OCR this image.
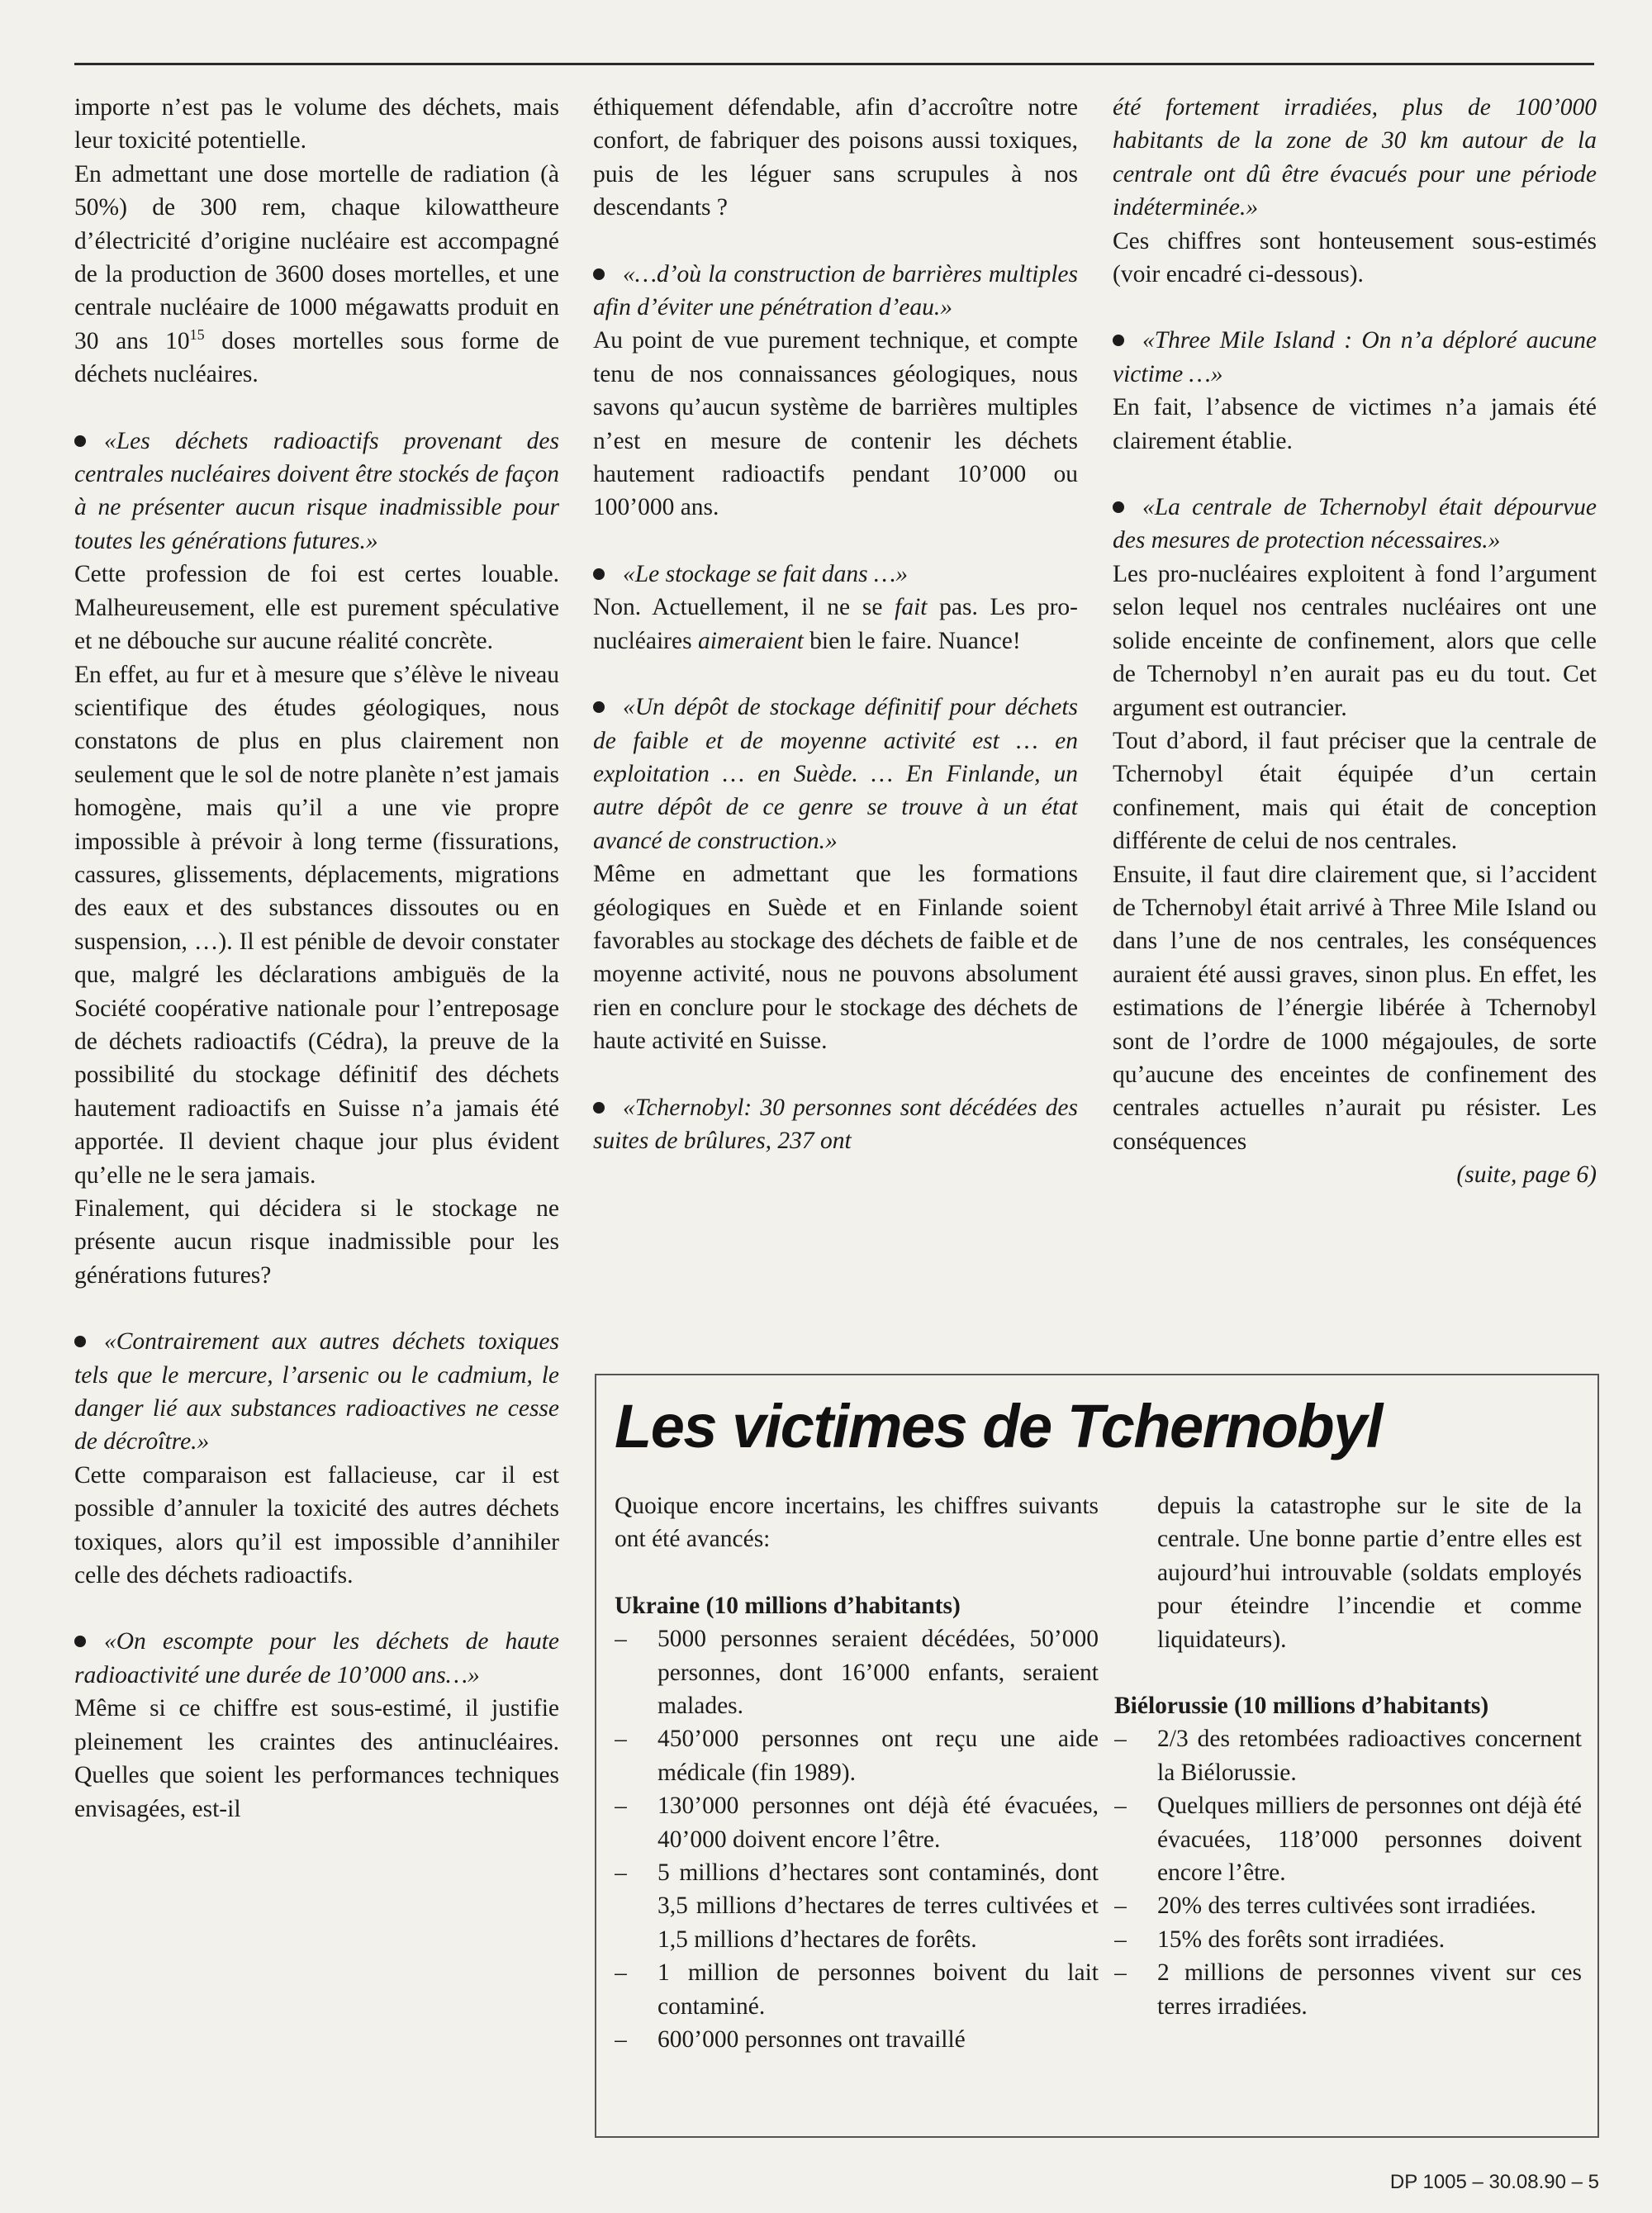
importe n’est pas le volume des déchets, mais leur toxicité potentielle.

En admettant une dose mortelle de radiation (à 50%) de 300 rem, chaque kilowattheure d’électricité d’origine nucléaire est accompagné de la production de 3600 doses mortelles, et une centrale nucléaire de 1000 mégawatts produit en 30 ans $10^{15}$ doses mortelles sous forme de déchets nucléaires.

«Les déchets radioactifs provenant des centrales nucléaires doivent être stockés de façon à ne présenter aucun risque inadmissible pour toutes les générations futures.»

Cette profession de foi est certes louable. Malheureusement, elle est purement spéculative et ne débouche sur aucune réalité concrète.

En effet, au fur et à mesure que s’élève le niveau scientifique des études géologiques, nous constatons de plus en plus clairement non seulement que le sol de notre planète n’est jamais homogène, mais qu’il a une vie propre impossible à prévoir à long terme (fissurations, cassures, glissements, déplacements, migrations des eaux et des substances dissoutes ou en suspension, …). Il est pénible de devoir constater que, malgré les déclarations ambiguës de la Société coopérative nationale pour l’entreposage de déchets radioactifs (Cédra), la preuve de la possibilité du stockage définitif des déchets hautement radioactifs en Suisse n’a jamais été apportée. Il devient chaque jour plus évident qu’elle ne le sera jamais.

Finalement, qui décidera si le stockage ne présente aucun risque inadmissible pour les générations futures?

«Contrairement aux autres déchets toxiques tels que le mercure, l’arsenic ou le cadmium, le danger lié aux substances radioactives ne cesse de décroître.»

Cette comparaison est fallacieuse, car il est possible d’annuler la toxicité des autres déchets toxiques, alors qu’il est impossible d’annihiler celle des déchets radioactifs.

«On escompte pour les déchets de haute radioactivité une durée de 10’000 ans…»

Même si ce chiffre est sous-estimé, il justifie pleinement les craintes des antinucléaires. Quelles que soient les performances techniques envisagées, est-il

éthiquement défendable, afin d’accroître notre confort, de fabriquer des poisons aussi toxiques, puis de les léguer sans scrupules à nos descendants ?

«…d’où la construction de barrières multiples afin d’éviter une pénétration d’eau.»

Au point de vue purement technique, et compte tenu de nos connaissances géologiques, nous savons qu’aucun système de barrières multiples n’est en mesure de contenir les déchets hautement radioactifs pendant 10’000 ou 100’000 ans.

«Le stockage se fait dans …»

Non. Actuellement, il ne se fait pas. Les pro-nucléaires aimeraient bien le faire. Nuance!

«Un dépôt de stockage définitif pour déchets de faible et de moyenne activité est … en exploitation … en Suède. … En Finlande, un autre dépôt de ce genre se trouve à un état avancé de construction.»

Même en admettant que les formations géologiques en Suède et en Finlande soient favorables au stockage des déchets de faible et de moyenne activité, nous ne pouvons absolument rien en conclure pour le stockage des déchets de haute activité en Suisse.

«Tchernobyl: 30 personnes sont décédées des suites de brûlures, 237 ont

été fortement irradiées, plus de 100’000 habitants de la zone de 30 km autour de la centrale ont dû être évacués pour une période indéterminée.»

Ces chiffres sont honteusement sous-estimés (voir encadré ci-dessous).

«Three Mile Island : On n’a déploré aucune victime …»

En fait, l’absence de victimes n’a jamais été clairement établie.

«La centrale de Tchernobyl était dépourvue des mesures de protection nécessaires.»

Les pro-nucléaires exploitent à fond l’argument selon lequel nos centrales nucléaires ont une solide enceinte de confinement, alors que celle de Tchernobyl n’en aurait pas eu du tout. Cet argument est outrancier.

Tout d’abord, il faut préciser que la centrale de Tchernobyl était équipée d’un certain confinement, mais qui était de conception différente de celui de nos centrales.

Ensuite, il faut dire clairement que, si l’accident de Tchernobyl était arrivé à Three Mile Island ou dans l’une de nos centrales, les conséquences auraient été aussi graves, sinon plus. En effet, les estimations de l’énergie libérée à Tchernobyl sont de l’ordre de 1000 mégajoules, de sorte qu’aucune des enceintes de confinement des centrales actuelles n’aurait pu résister. Les conséquences

(suite, page 6)

Les victimes de Tchernobyl

Quoique encore incertains, les chiffres suivants ont été avancés:

Ukraine (10 millions d’habitants)
– 5000 personnes seraient décédées, 50’000 personnes, dont 16’000 enfants, seraient malades.
– 450’000 personnes ont reçu une aide médicale (fin 1989).
– 130’000 personnes ont déjà été évacuées, 40’000 doivent encore l’être.
– 5 millions d’hectares sont contaminés, dont 3,5 millions d’hectares de terres cultivées et 1,5 millions d’hectares de forêts.
– 1 million de personnes boivent du lait contaminé.
– 600’000 personnes ont travaillé

depuis la catastrophe sur le site de la centrale. Une bonne partie d’entre elles est aujourd’hui introuvable (soldats employés pour éteindre l’incendie et comme liquidateurs).

Biélorussie (10 millions d’habitants)
– 2/3 des retombées radioactives concernent la Biélorussie.
– Quelques milliers de personnes ont déjà été évacuées, 118’000 personnes doivent encore l’être.
– 20% des terres cultivées sont irradiées.
– 15% des forêts sont irradiées.
– 2 millions de personnes vivent sur ces terres irradiées.
DP 1005 – 30.08.90 – 5
